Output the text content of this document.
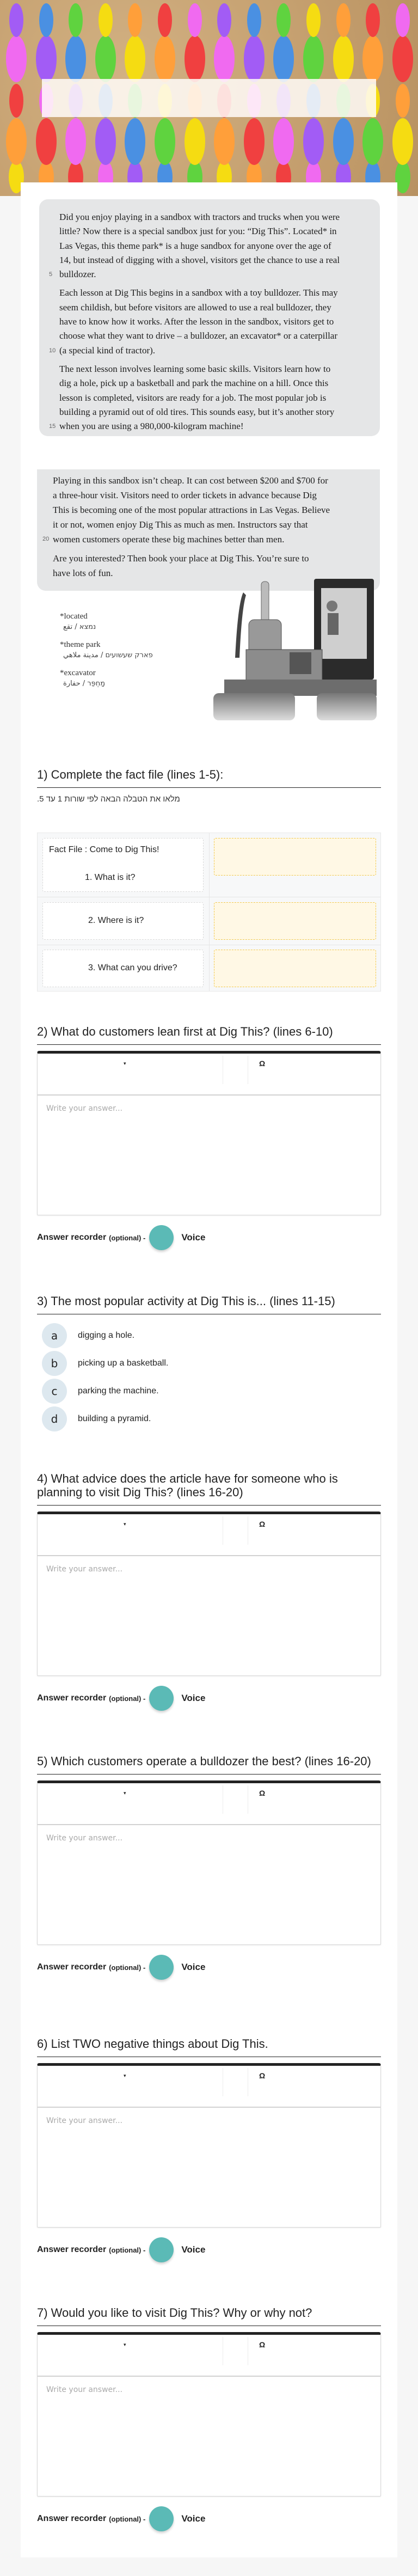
Did you enjoy playing in a sandbox with tractors and trucks when you were
little? Now there is a special sandbox just for you: “Dig This”. Located* in
Las Vegas, this theme park* is a huge sandbox for anyone over the age of
14, but instead of digging with a shovel, visitors get the chance to use a real
bulldozer.
5
Each lesson at Dig This begins in a sandbox with a toy bulldozer. This may
seem childish, but before visitors are allowed to use a real bulldozer, they
have to know how it works. After the lesson in the sandbox, visitors get to
choose what they want to drive – a bulldozer, an excavator* or a caterpillar
(a special kind of tractor).
10
The next lesson involves learning some basic skills. Visitors learn how to
dig a hole, pick up a basketball and park the machine on a hill. Once this
lesson is completed, visitors are ready for a job. The most popular job is
building a pyramid out of old tires. This sounds easy, but it’s another story
when you are using a 980,000-kilogram machine!
15
Playing in this sandbox isn’t cheap. It can cost between $200 and $700 for
a three-hour visit. Visitors need to order tickets in advance because Dig
This is becoming one of the most popular attractions in Las Vegas. Believe
it or not, women enjoy Dig This as much as men. Instructors say that
women customers operate these big machines better than men.
20
Are you interested? Then book your place at Dig This. You’re sure to
have lots of fun.
*located
נמצא / تقع
*theme park
פארק שעשועים / مدينة ملاهي
*excavator
מַחְפֵּר / حفارة
1) Complete the fact file (lines 1-5):
מלאו את הטבלה הבאה לפי שורות 1 עד 5.
Fact File : Come to Dig This!
1. What is it?
2. Where is it?
3. What can you drive?
3) The most popular activity at Dig This is... (lines 11-15)
a	digging a hole.
b	picking up a basketball.
c	parking the machine.
d	building a pyramid.
2) What do customers lean first at Dig This? (lines 6-10)
▾	Ω
Write your answer...
Answer recorder (optional) -	Voice
4) What advice does the article have for someone who is planning to visit Dig This? (lines 16-20)
▾	Ω
Write your answer...
Answer recorder (optional) -	Voice
5) Which customers operate a bulldozer the best? (lines 16-20)
▾	Ω
Write your answer...
Answer recorder (optional) -	Voice
6) List TWO negative things about Dig This.
▾	Ω
Write your answer...
Answer recorder (optional) -	Voice
7) Would you like to visit Dig This? Why or why not?
▾	Ω
Write your answer...
Answer recorder (optional) -	Voice
